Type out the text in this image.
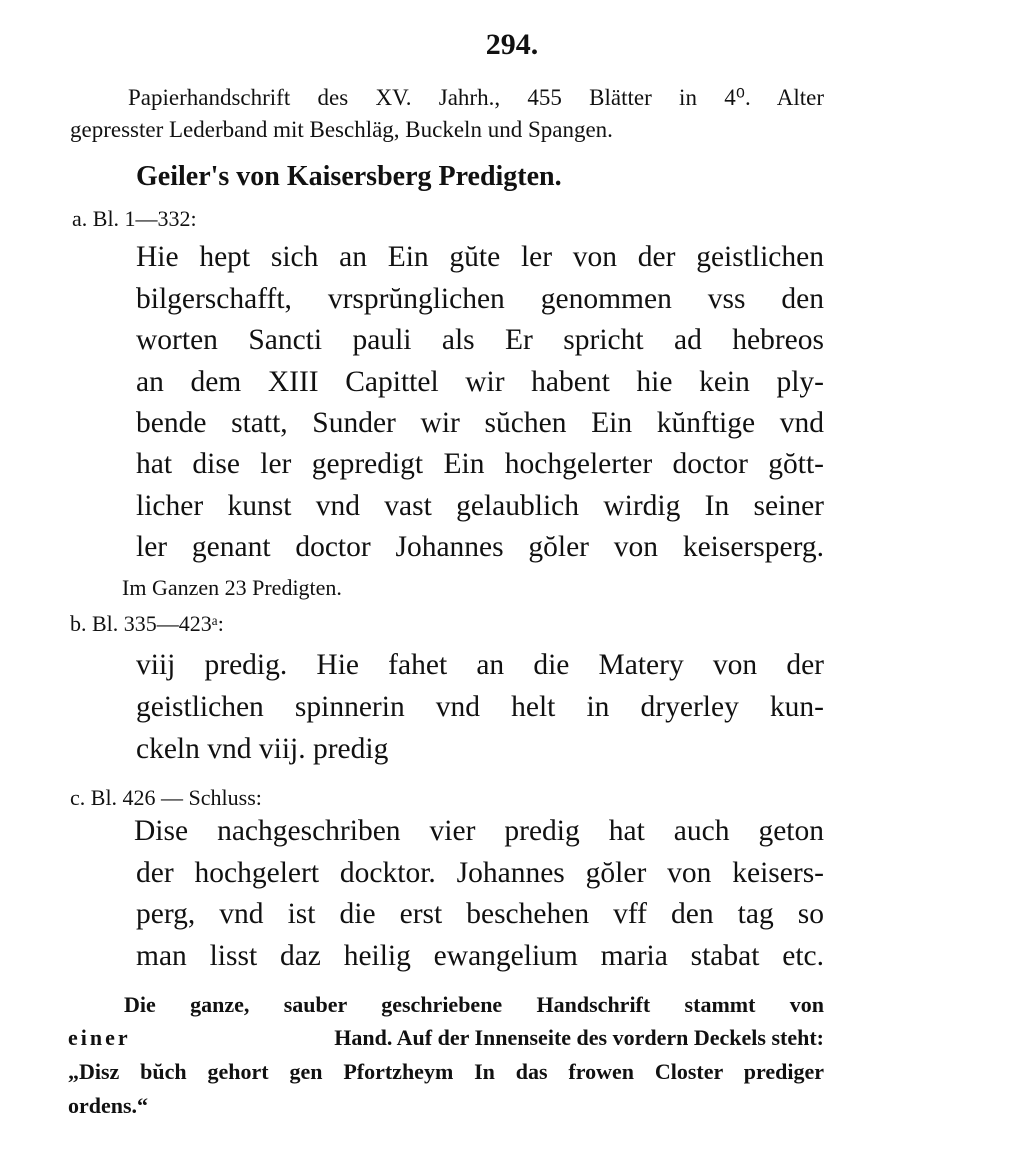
294.
Papierhandschrift des XV. Jahrh., 455 Blätter in 4⁰. Alter
gepresster Lederband mit Beschläg, Buckeln und Spangen.
Geiler's von Kaisersberg Predigten.
a. Bl. 1—332:
Hie hept sich an Ein gŭte ler von der geistlichen
bilgerschafft, vrsprŭnglichen genommen vss den
worten Sancti pauli als Er spricht ad hebreos
an dem XIII Capittel wir habent hie kein ply-
bende statt, Sunder wir sŭchen Ein kŭnftige vnd
hat dise ler gepredigt Ein hochgelerter doctor gŏtt-
licher kunst vnd vast gelaublich wirdig In seiner
ler genant doctor Johannes gŏler von keisersperg.
Im Ganzen 23 Predigten.
b. Bl. 335—423ᵃ:
viij predig. Hie fahet an die Matery von der
geistlichen spinnerin vnd helt in dryerley kun-
ckeln vnd viij. predig
c. Bl. 426 — Schluss:
Dise nachgeschriben vier predig hat auch geton
der hochgelert docktor. Johannes gŏler von keisers-
perg, vnd ist die erst beschehen vff den tag so
man lisst daz heilig ewangelium maria stabat etc.
Die ganze, sauber geschriebene Handschrift stammt von
einer	Hand. Auf der Innenseite des vordern Deckels steht:
„Disz bŭch gehort gen Pfortzheym In das frowen Closter prediger
ordens.“
